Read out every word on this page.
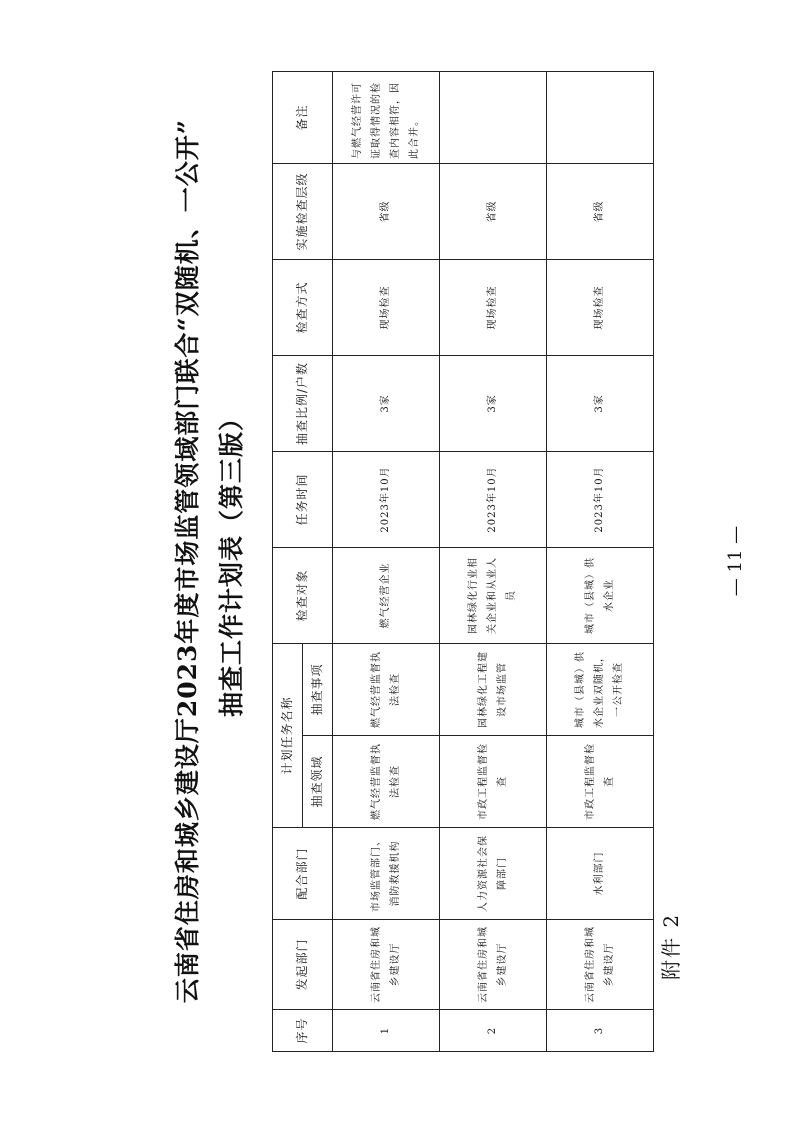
附件 2
云南省住房和城乡建设厅2023年度市场监管领域部门联合“双随机、一公开” 抽查工作计划表（第三版）
序号	发起部门	配合部门	计划任务名称		检查对象	任务时间	抽查比例/户数	检查方式	实施检查层级	备注
			抽查领域	抽查事项						
1	云南省住房和城乡建设厅	市场监管部门、消防救援机构	燃气经营监督执法检查	燃气经营监督执法检查	燃气经营企业	2023年10月	3家	现场检查	省级	与燃气经营许可证取得情况的检查内容相符，因此合并。
2	云南省住房和城乡建设厅	人力资源社会保障部门	市政工程监督检查	园林绿化工程建设市场监管	园林绿化行业相关企业和从业人员	2023年10月	3家	现场检查	省级	
3	云南省住房和城乡建设厅	水利部门	市政工程监督检查	城市（县城）供水企业双随机，一公开检查	城市（县城）供水企业	2023年10月	3家	现场检查	省级	
— 11 —
